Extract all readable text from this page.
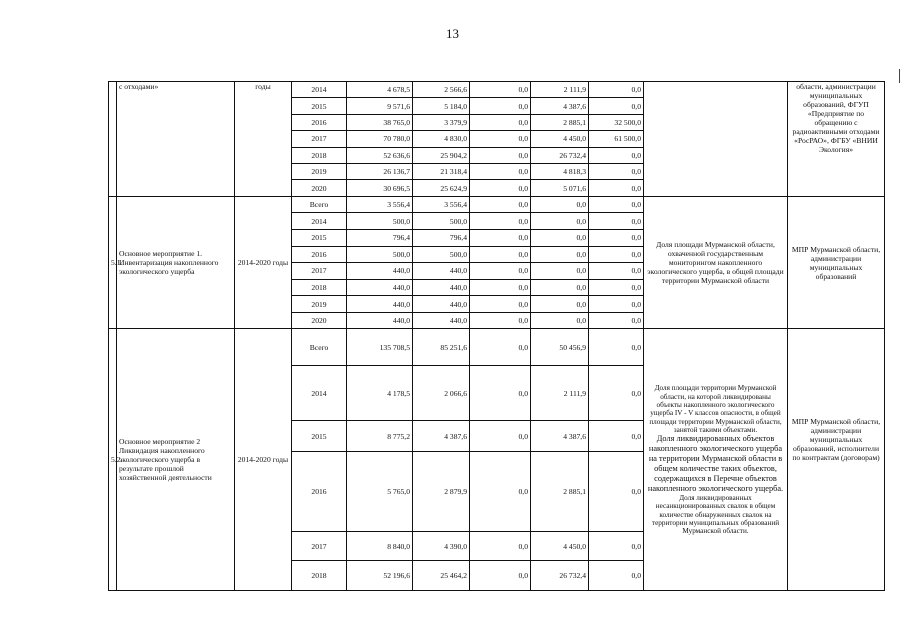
13
	с отходами»	годы	2014	4 678,5	2 566,6	0,0	2 111,9	0,0		области, администрации муниципальных образований, ФГУП «Предприятие по обращению с радиоактивными отходами «РосРАО», ФГБУ «ВНИИ Экология»
			2015	9 571,6	5 184,0	0,0	4 387,6	0,0		
			2016	38 765,0	3 379,9	0,0	2 885,1	32 500,0		
			2017	70 780,0	4 830,0	0,0	4 450,0	61 500,0		
			2018	52 636,6	25 904,2	0,0	26 732,4	0,0		
			2019	26 136,7	21 318,4	0,0	4 818,3	0,0		
			2020	30 696,5	25 624,9	0,0	5 071,6	0,0		
5.1.	Основное мероприятие 1. Инвентаризация накопленного экологического ущерба	2014-2020 годы	Всего	3 556,4	3 556,4	0,0	0,0	0,0	Доля площади Мурманской области, охваченной государственным мониторингом накопленного экологического ущерба, в общей площади территории Мурманской области	МПР Мурманской области, администрации муниципальных образований
			2014	500,0	500,0	0,0	0,0	0,0		
			2015	796,4	796,4	0,0	0,0	0,0		
			2016	500,0	500,0	0,0	0,0	0,0		
			2017	440,0	440,0	0,0	0,0	0,0		
			2018	440,0	440,0	0,0	0,0	0,0		
			2019	440,0	440,0	0,0	0,0	0,0		
			2020	440,0	440,0	0,0	0,0	0,0		
5.2.	Основное мероприятие 2 Ликвидация накопленного экологического ущерба в результате прошлой хозяйственной деятельности	2014-2020 годы	Всего	135 708,5	85 251,6	0,0	50 456,9	0,0	Доля площади территории Мурманской области, на которой ликвидированы объекты накопленного экологического ущерба IV - V классов опасности, в общей площади территории Мурманской области, занятой такими объектами.
Доля ликвидированных объектов накопленного экологического ущерба на территории Мурманской области в общем количестве таких объектов, содержащихся в Перечне объектов накопленного экологического ущерба.
Доля ликвидированных несанкционированных свалок в общем количестве обнаруженных свалок на территории муниципальных образований Мурманской области.	МПР Мурманской области, администрации муниципальных образований, исполнители по контрактам (договорам)
			2014	4 178,5	2 066,6	0,0	2 111,9	0,0		
			2015	8 775,2	4 387,6	0,0	4 387,6	0,0		
			2016	5 765,0	2 879,9	0,0	2 885,1	0,0		
			2017	8 840,0	4 390,0	0,0	4 450,0	0,0		
			2018	52 196,6	25 464,2	0,0	26 732,4	0,0		
